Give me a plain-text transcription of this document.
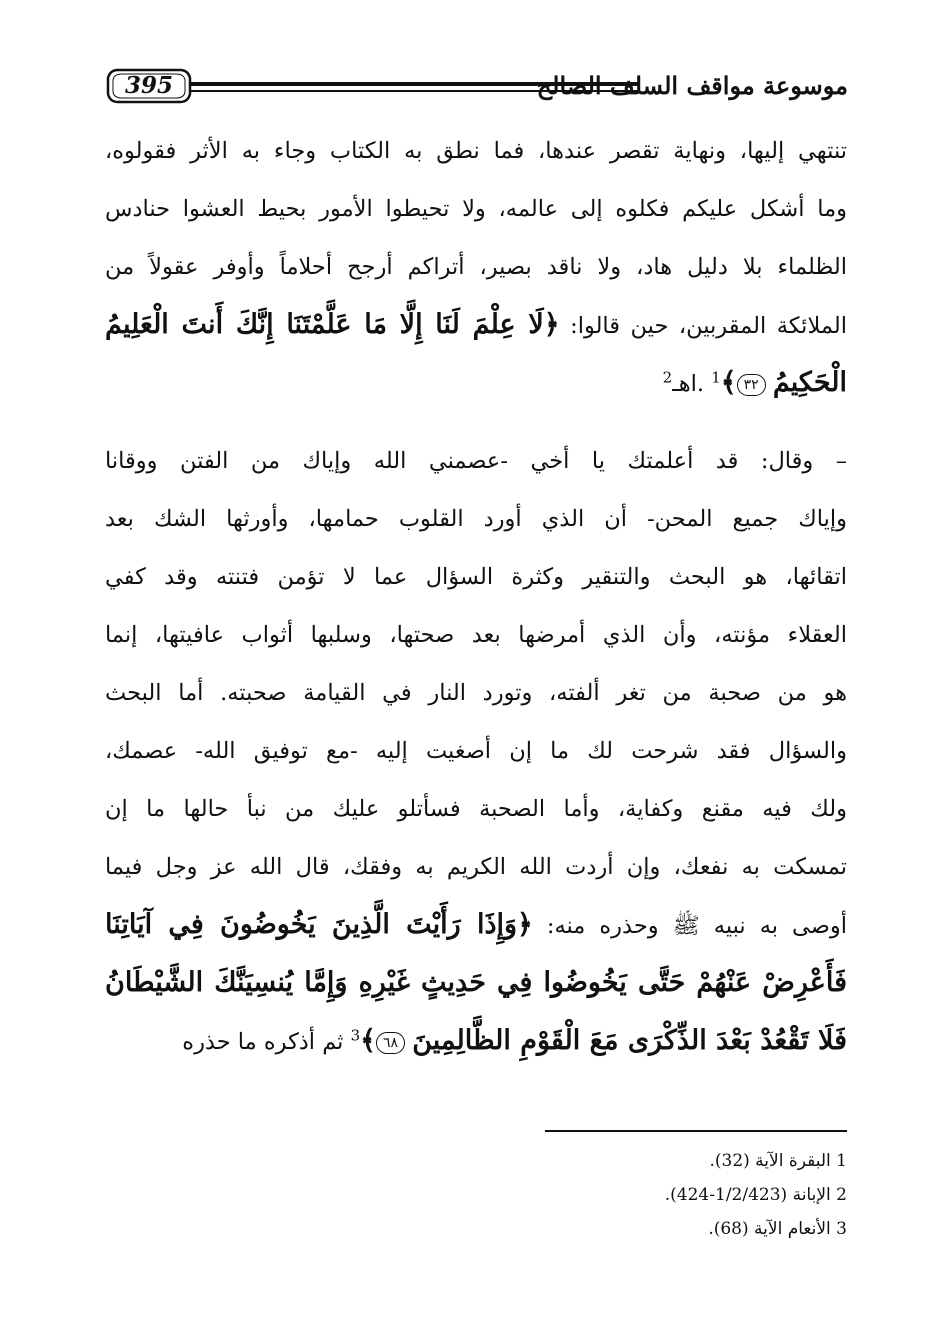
395	موسوعة مواقف السلف الصالح
تنتهي إليها، ونهاية تقصر عندها، فما نطق به الكتاب وجاء به الأثر فقولوه،
وما أشكل عليكم فكلوه إلى عالمه، ولا تحيطوا الأمور بحيط العشوا حنادس
الظلماء بلا دليل هاد، ولا ناقد بصير، أتراكم أرجح أحلاماً وأوفر عقولاً من
الملائكة المقربين، حين قالوا: ﴿لَا عِلْمَ لَنَا إِلَّا مَا عَلَّمْتَنَا إِنَّكَ أَنتَ الْعَلِيمُ
الْحَكِيمُ ٣٢﴾$^1$ .اهـ$^2$
– وقال: قد أعلمتك يا أخي -عصمني الله وإياك من الفتن ووقانا
وإياك جميع المحن- أن الذي أورد القلوب حمامها، وأورثها الشك بعد
اتقائها، هو البحث والتنقير وكثرة السؤال عما لا تؤمن فتنته وقد كفي
العقلاء مؤنته، وأن الذي أمرضها بعد صحتها، وسلبها أثواب عافيتها، إنما
هو من صحبة من تغر ألفته، وتورد النار في القيامة صحبته. أما البحث
والسؤال فقد شرحت لك ما إن أصغيت إليه -مع توفيق الله- عصمك،
ولك فيه مقنع وكفاية، وأما الصحبة فسأتلو عليك من نبأ حالها ما إن
تمسكت به نفعك، وإن أردت الله الكريم به وفقك، قال الله عز وجل فيما
أوصى به نبيه ﷺ وحذره منه: ﴿وَإِذَا رَأَيْتَ الَّذِينَ يَخُوضُونَ فِي آيَاتِنَا
فَأَعْرِضْ عَنْهُمْ حَتَّى يَخُوضُوا فِي حَدِيثٍ غَيْرِهِ وَإِمَّا يُنسِيَنَّكَ الشَّيْطَانُ
فَلَا تَقْعُدْ بَعْدَ الذِّكْرَى مَعَ الْقَوْمِ الظَّالِمِينَ ٦٨﴾$^3$ ثم أذكره ما حذره
1 البقرة الآية (32).
2 الإبانة (1/2/423-424).
3 الأنعام الآية (68).
